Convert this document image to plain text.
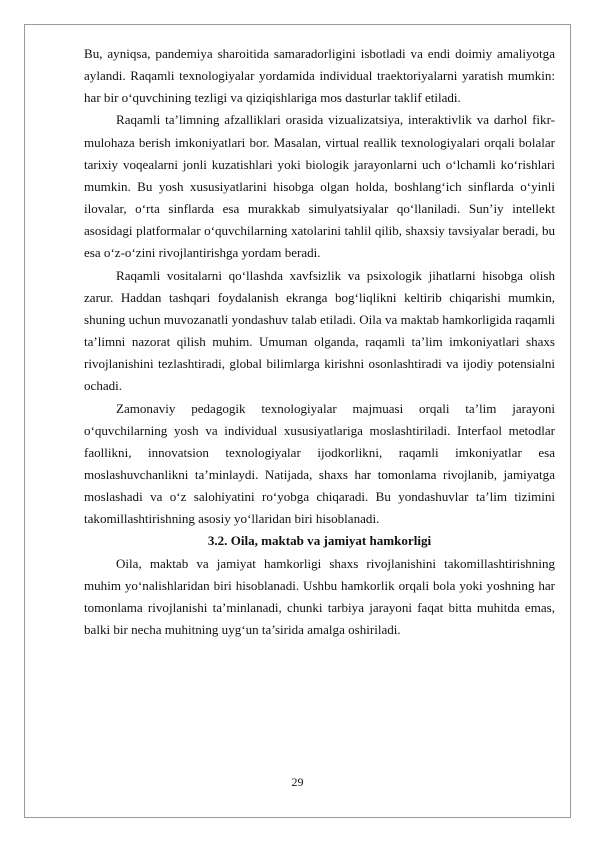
Bu, ayniqsa, pandemiya sharoitida samaradorligini isbotladi va endi doimiy amaliyotga aylandi. Raqamli texnologiyalar yordamida individual traektoriyalarni yaratish mumkin: har bir o‘quvchining tezligi va qiziqishlariga mos dasturlar taklif etiladi.

Raqamli ta’limning afzalliklari orasida vizualizatsiya, interaktivlik va darhol fikr-mulohaza berish imkoniyatlari bor. Masalan, virtual reallik texnologiyalari orqali bolalar tarixiy voqealarni jonli kuzatishlari yoki biologik jarayonlarni uch o‘lchamli ko‘rishlari mumkin. Bu yosh xususiyatlarini hisobga olgan holda, boshlang‘ich sinflarda o‘yinli ilovalar, o‘rta sinflarda esa murakkab simulyatsiyalar qo‘llaniladi. Sun’iy intellekt asosidagi platformalar o‘quvchilarning xatolarini tahlil qilib, shaxsiy tavsiyalar beradi, bu esa o‘z-o‘zini rivojlantirishga yordam beradi.

Raqamli vositalarni qo‘llashda xavfsizlik va psixologik jihatlarni hisobga olish zarur. Haddan tashqari foydalanish ekranga bog‘liqlikni keltirib chiqarishi mumkin, shuning uchun muvozanatli yondashuv talab etiladi. Oila va maktab hamkorligida raqamli ta’limni nazorat qilish muhim. Umuman olganda, raqamli ta’lim imkoniyatlari shaxs rivojlanishini tezlashtiradi, global bilimlarga kirishni osonlashtiradi va ijodiy potensialni ochadi.

Zamonaviy pedagogik texnologiyalar majmuasi orqali ta’lim jarayoni o‘quvchilarning yosh va individual xususiyatlariga moslashtiriladi. Interfaol metodlar faollikni, innovatsion texnologiyalar ijodkorlikni, raqamli imkoniyatlar esa moslashuvchanlikni ta’minlaydi. Natijada, shaxs har tomonlama rivojlanib, jamiyatga moslashadi va o‘z salohiyatini ro‘yobga chiqaradi. Bu yondashuvlar ta’lim tizimini takomillashtirishning asosiy yo‘llaridan biri hisoblanadi.

3.2. Oila, maktab va jamiyat hamkorligi

Oila, maktab va jamiyat hamkorligi shaxs rivojlanishini takomillashtirishning muhim yo‘nalishlaridan biri hisoblanadi. Ushbu hamkorlik orqali bola yoki yoshning har tomonlama rivojlanishi ta’minlanadi, chunki tarbiya jarayoni faqat bitta muhitda emas, balki bir necha muhitning uyg‘un ta’sirida amalga oshiriladi.

29
